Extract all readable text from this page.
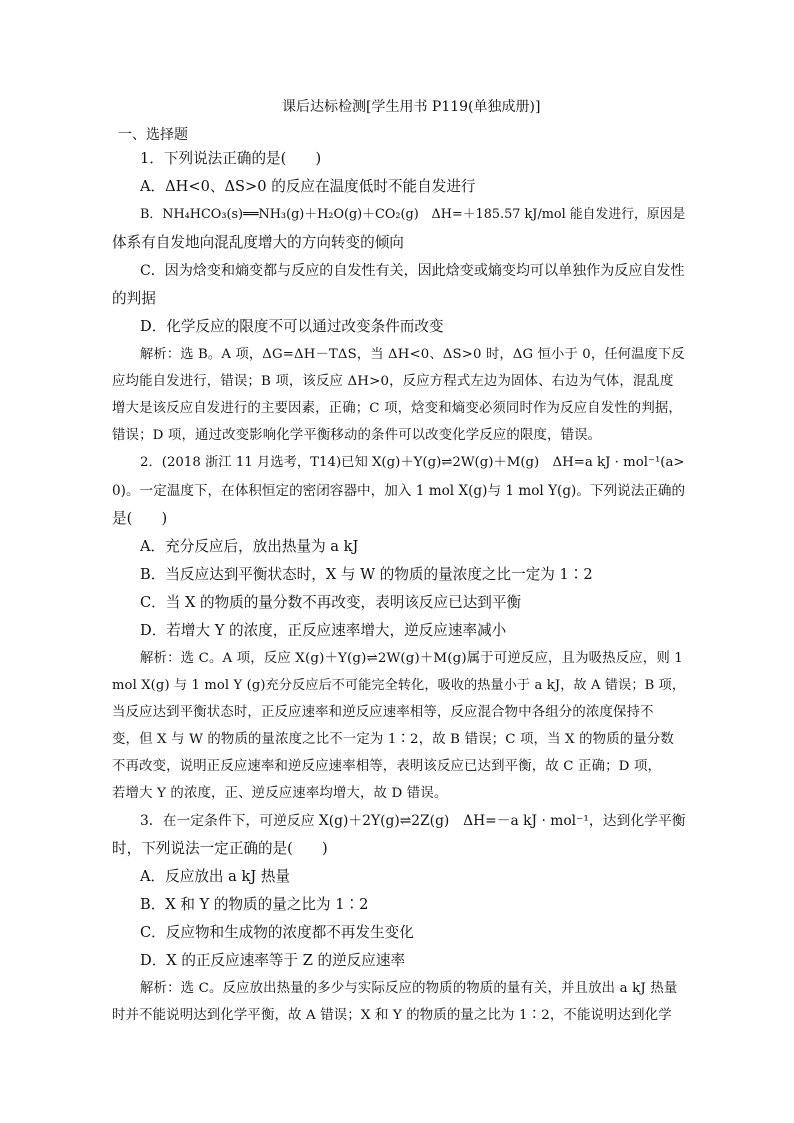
课后达标检测[学生用书 P119(单独成册)]
一、选择题
1．下列说法正确的是(　　)
A．ΔH<0、ΔS>0 的反应在温度低时不能自发进行
B．NH₄HCO₃(s)══NH₃(g)＋H₂O(g)＋CO₂(g)　ΔH=＋185.57 kJ/mol 能自发进行，原因是
体系有自发地向混乱度增大的方向转变的倾向
C．因为焓变和熵变都与反应的自发性有关，因此焓变或熵变均可以单独作为反应自发性
的判据
D．化学反应的限度不可以通过改变条件而改变
解析：选 B。A 项，ΔG=ΔH－TΔS，当 ΔH<0、ΔS>0 时，ΔG 恒小于 0，任何温度下反
应均能自发进行，错误；B 项，该反应 ΔH>0，反应方程式左边为固体、右边为气体，混乱度
增大是该反应自发进行的主要因素，正确；C 项，焓变和熵变必须同时作为反应自发性的判据，
错误；D 项，通过改变影响化学平衡移动的条件可以改变化学反应的限度，错误。
2．(2018 浙江 11 月选考，T14)已知 X(g)＋Y(g)⇌2W(g)＋M(g)　ΔH=a kJ · mol⁻¹(a>
0)。一定温度下，在体积恒定的密闭容器中，加入 1 mol X(g)与 1 mol Y(g)。下列说法正确的
是(　　)
A．充分反应后，放出热量为 a kJ
B．当反应达到平衡状态时，X 与 W 的物质的量浓度之比一定为 1∶2
C．当 X 的物质的量分数不再改变，表明该反应已达到平衡
D．若增大 Y 的浓度，正反应速率增大，逆反应速率减小
解析：选 C。A 项，反应 X(g)＋Y(g)⇌2W(g)＋M(g)属于可逆反应，且为吸热反应，则 1
mol X(g) 与 1 mol Y (g)充分反应后不可能完全转化，吸收的热量小于 a kJ，故 A 错误；B 项，
当反应达到平衡状态时，正反应速率和逆反应速率相等，反应混合物中各组分的浓度保持不
变，但 X 与 W 的物质的量浓度之比不一定为 1∶2，故 B 错误；C 项，当 X 的物质的量分数
不再改变，说明正反应速率和逆反应速率相等，表明该反应已达到平衡，故 C 正确；D 项，
若增大 Y 的浓度，正、逆反应速率均增大，故 D 错误。
3．在一定条件下，可逆反应 X(g)＋2Y(g)⇌2Z(g)　ΔH=－a kJ · mol⁻¹，达到化学平衡
时，下列说法一定正确的是(　　)
A．反应放出 a kJ 热量
B．X 和 Y 的物质的量之比为 1∶2
C．反应物和生成物的浓度都不再发生变化
D．X 的正反应速率等于 Z 的逆反应速率
解析：选 C。反应放出热量的多少与实际反应的物质的物质的量有关，并且放出 a kJ 热量
时并不能说明达到化学平衡，故 A 错误；X 和 Y 的物质的量之比为 1∶2，不能说明达到化学
